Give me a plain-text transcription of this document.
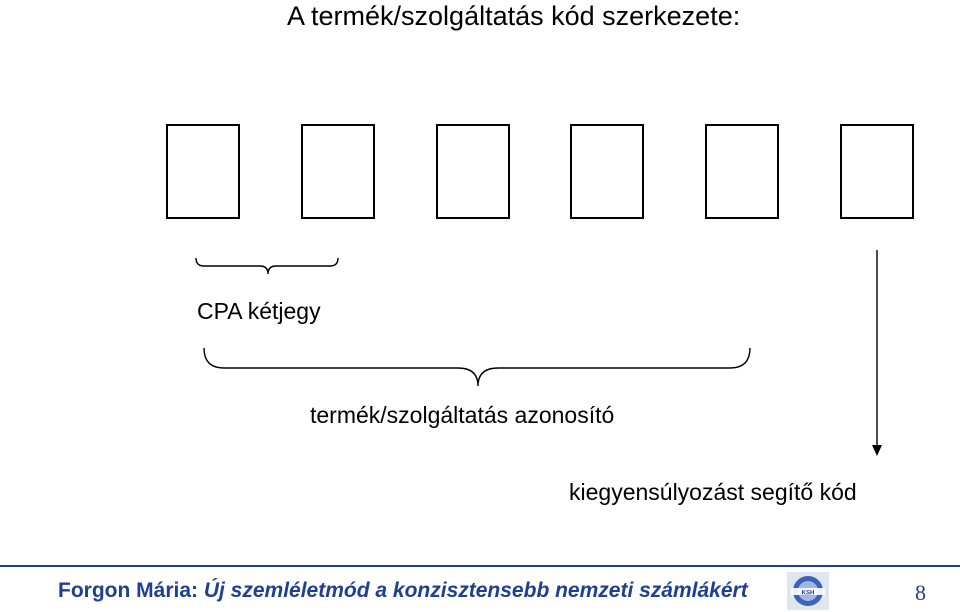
A termék/szolgáltatás kód szerkezete:
CPA kétjegy
termék/szolgáltatás azonosító
kiegyensúlyozást segítő kód
Forgon Mária: Új szemléletmód a konzisztensebb nemzeti számlákért	KSH	8
